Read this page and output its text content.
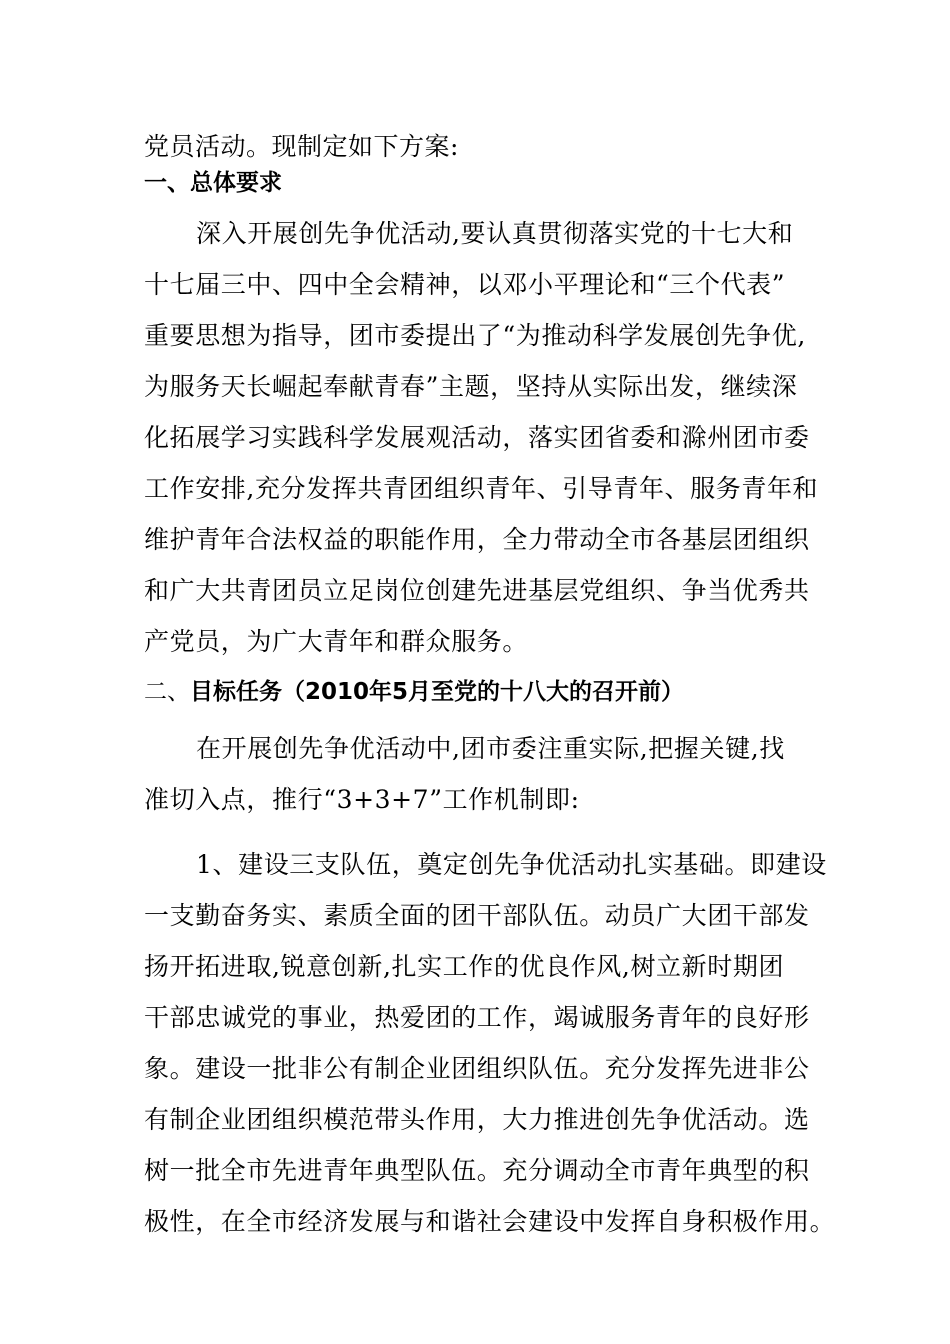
党员活动。现制定如下方案:
一、总体要求
深入开展创先争优活动,要认真贯彻落实党的十七大和
十七届三中、四中全会精神，以邓小平理论和“三个代表”
重要思想为指导，团市委提出了“为推动科学发展创先争优,
为服务天长崛起奉献青春”主题，坚持从实际出发，继续深
化拓展学习实践科学发展观活动，落实团省委和滁州团市委
工作安排,充分发挥共青团组织青年、引导青年、服务青年和
维护青年合法权益的职能作用，全力带动全市各基层团组织
和广大共青团员立足岗位创建先进基层党组织、争当优秀共
产党员，为广大青年和群众服务。
二、目标任务（2010年5月至党的十八大的召开前）
在开展创先争优活动中,团市委注重实际,把握关键,找
准切入点，推行“3+3+7”工作机制即:
1、建设三支队伍，奠定创先争优活动扎实基础。即建设
一支勤奋务实、素质全面的团干部队伍。动员广大团干部发
扬开拓进取,锐意创新,扎实工作的优良作风,树立新时期团
干部忠诚党的事业，热爱团的工作，竭诚服务青年的良好形
象。建设一批非公有制企业团组织队伍。充分发挥先进非公
有制企业团组织模范带头作用，大力推进创先争优活动。选
树一批全市先进青年典型队伍。充分调动全市青年典型的积
极性，在全市经济发展与和谐社会建设中发挥自身积极作用。
